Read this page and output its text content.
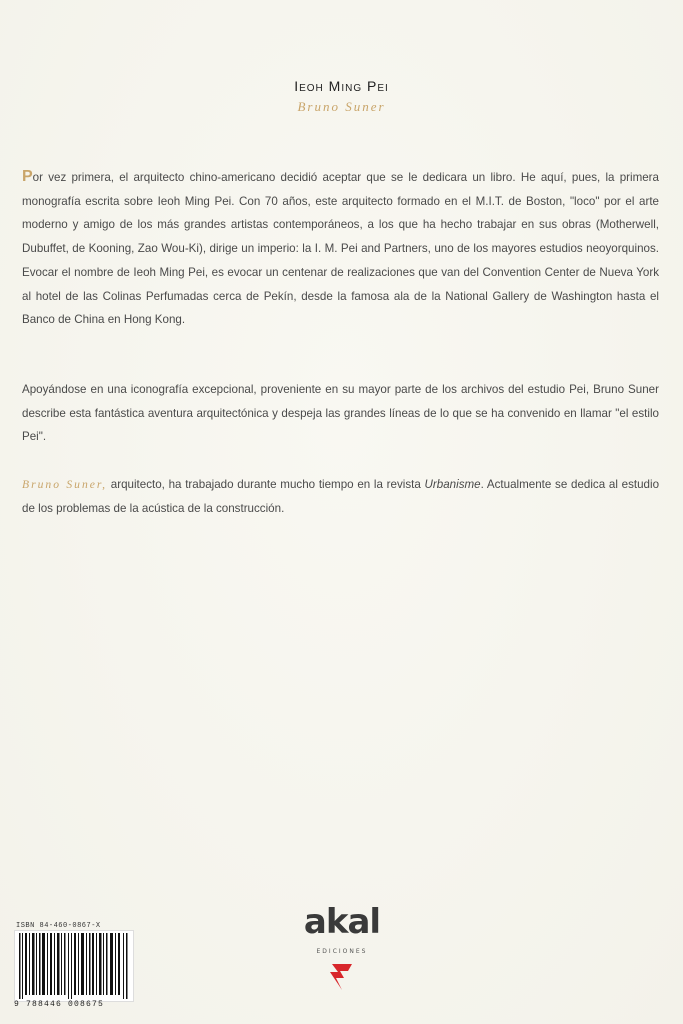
Ieoh Ming Pei
Bruno Suner
Por vez primera, el arquitecto chino-americano decidió aceptar que se le dedicara un libro. He aquí, pues, la primera monografía escrita sobre Ieoh Ming Pei. Con 70 años, este arquitecto formado en el M.I.T. de Boston, "loco" por el arte moderno y amigo de los más grandes artistas contemporáneos, a los que ha hecho trabajar en sus obras (Motherwell, Dubuffet, de Kooning, Zao Wou-Ki), dirige un imperio: la I. M. Pei and Partners, uno de los mayores estudios neoyorquinos. Evocar el nombre de Ieoh Ming Pei, es evocar un centenar de realizaciones que van del Convention Center de Nueva York al hotel de las Colinas Perfumadas cerca de Pekín, desde la famosa ala de la National Gallery de Washington hasta el Banco de China en Hong Kong.
Apoyándose en una iconografía excepcional, proveniente en su mayor parte de los archivos del estudio Pei, Bruno Suner describe esta fantástica aventura arquitectónica y despeja las grandes líneas de lo que se ha convenido en llamar "el estilo Pei".
Bruno Suner, arquitecto, ha trabajado durante mucho tiempo en la revista Urbanisme. Actualmente se dedica al estudio de los problemas de la acústica de la construcción.
ISBN 84-460-0867-X
9 788446 008675
akal
EDICIONES
